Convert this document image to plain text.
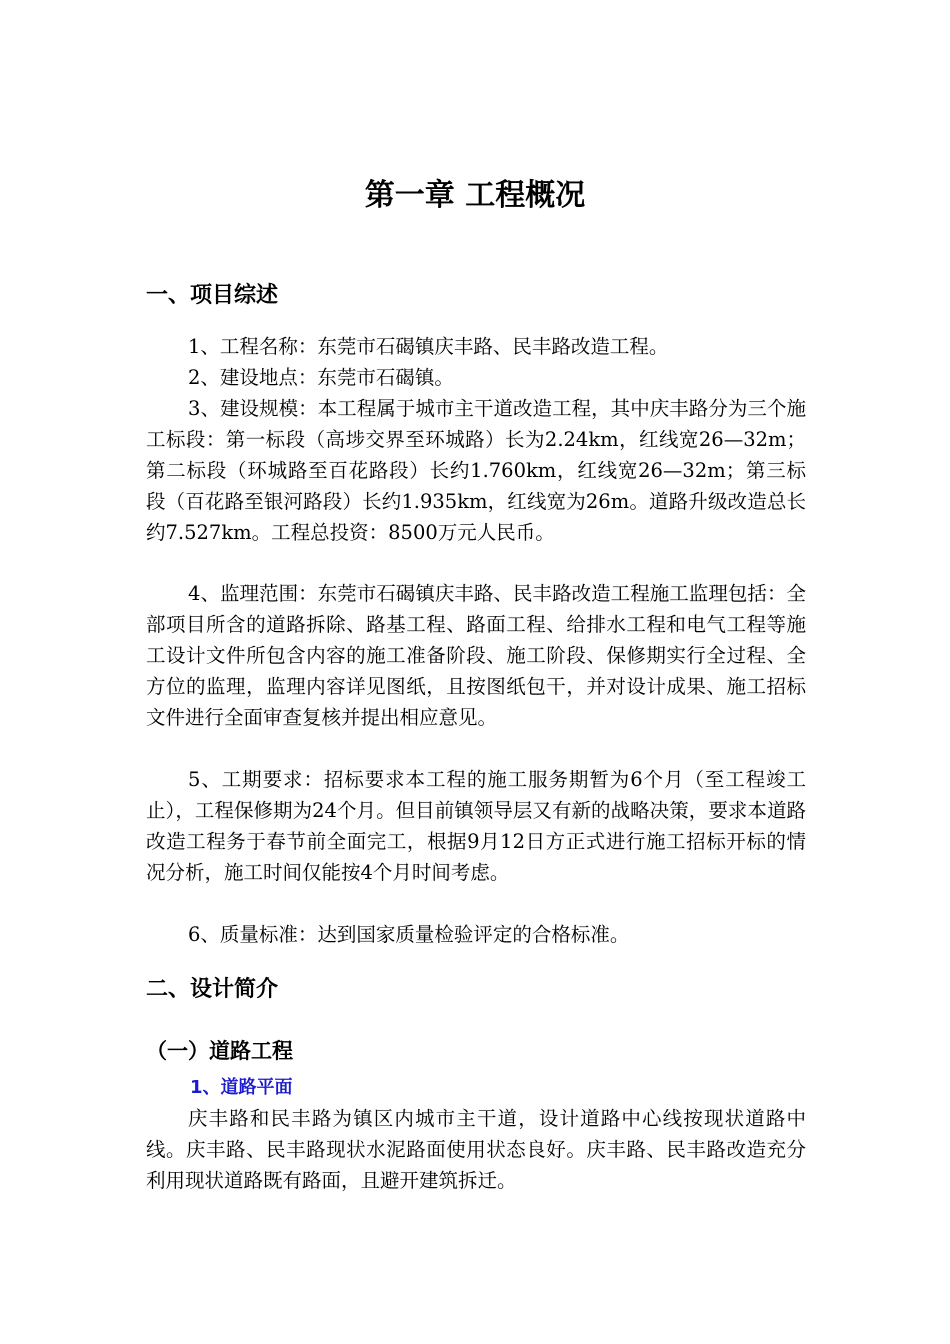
第一章 工程概况
一、项目综述

1、工程名称：东莞市石碣镇庆丰路、民丰路改造工程。

2、建设地点：东莞市石碣镇。

3、建设规模：本工程属于城市主干道改造工程，其中庆丰路分为三个施工标段：第一标段（高埗交界至环城路）长为2.24km，红线宽26—32m；第二标段（环城路至百花路段）长约1.760km，红线宽26—32m；第三标段（百花路至银河路段）长约1.935km，红线宽为26m。道路升级改造总长约7.527km。工程总投资：8500万元人民币。

4、监理范围：东莞市石碣镇庆丰路、民丰路改造工程施工监理包括：全部项目所含的道路拆除、路基工程、路面工程、给排水工程和电气工程等施工设计文件所包含内容的施工准备阶段、施工阶段、保修期实行全过程、全方位的监理，监理内容详见图纸，且按图纸包干，并对设计成果、施工招标文件进行全面审查复核并提出相应意见。

5、工期要求：招标要求本工程的施工服务期暂为6个月（至工程竣工止），工程保修期为24个月。但目前镇领导层又有新的战略决策，要求本道路改造工程务于春节前全面完工，根据9月12日方正式进行施工招标开标的情况分析，施工时间仅能按4个月时间考虑。

6、质量标准：达到国家质量检验评定的合格标准。

二、设计简介
（一）道路工程
1、道路平面

庆丰路和民丰路为镇区内城市主干道，设计道路中心线按现状道路中线。庆丰路、民丰路现状水泥路面使用状态良好。庆丰路、民丰路改造充分利用现状道路既有路面，且避开建筑拆迁。
